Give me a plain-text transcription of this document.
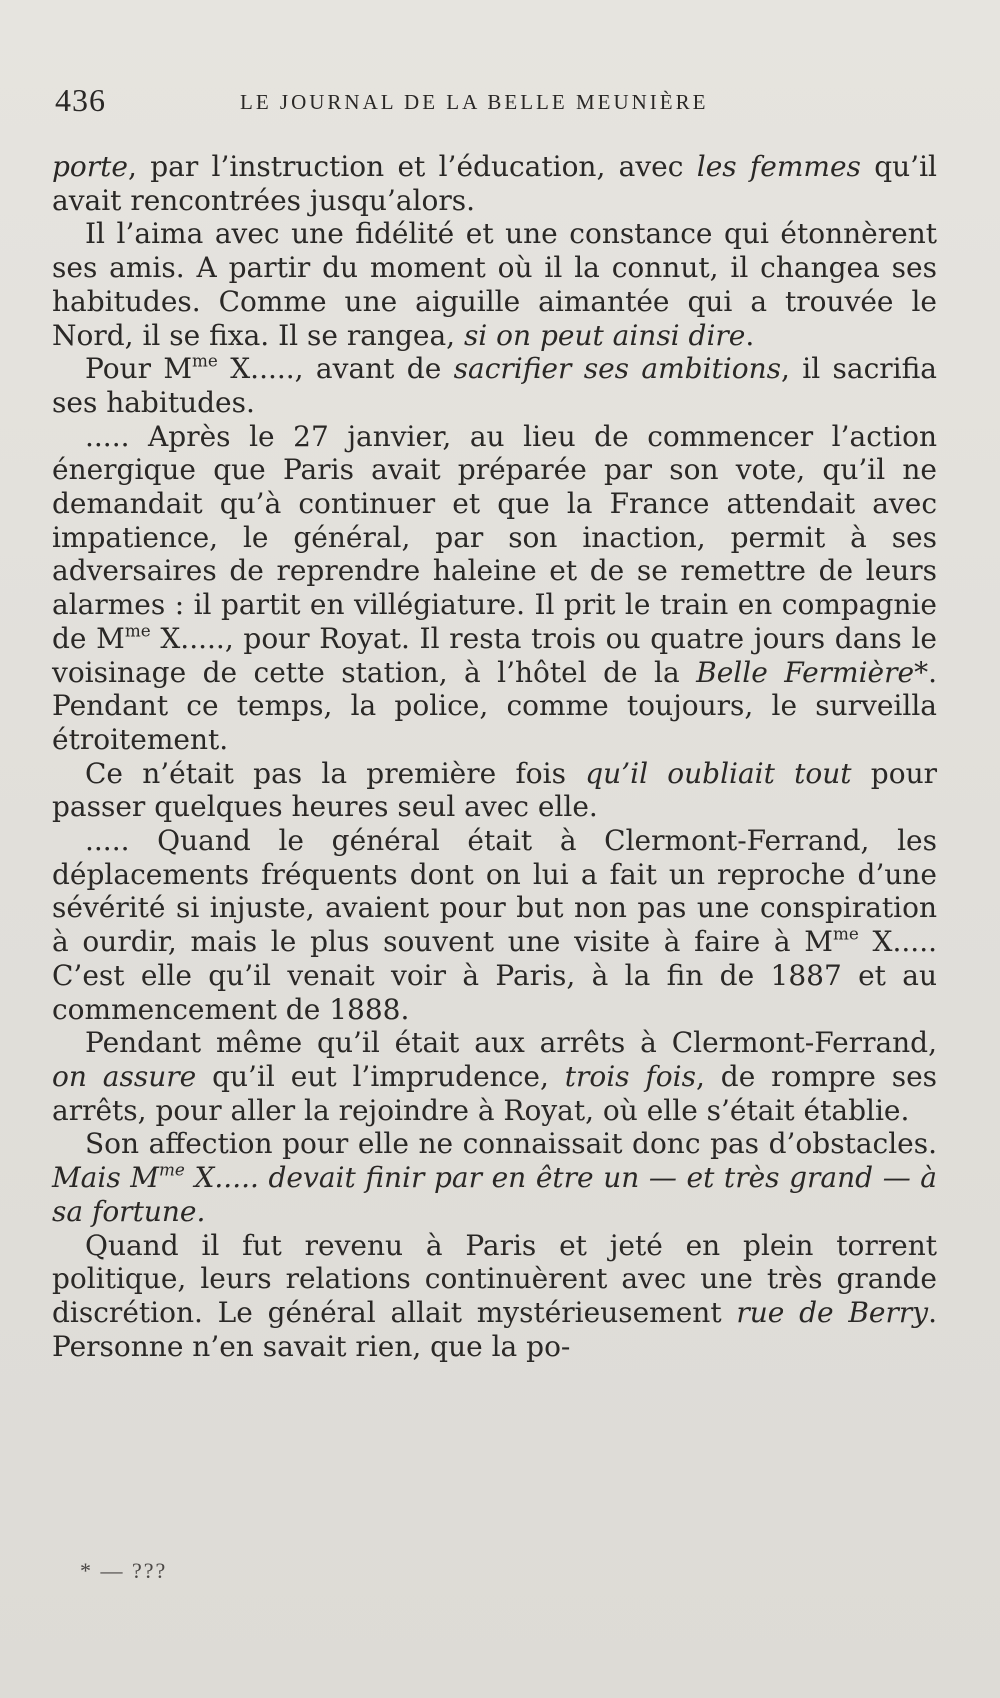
436	LE JOURNAL DE LA BELLE MEUNIÈRE

porte, par l’instruction et l’éducation, avec les femmes qu’il avait rencontrées jusqu’alors.

Il l’aima avec une fidélité et une constance qui étonnèrent ses amis. A partir du moment où il la connut, il changea ses habitudes. Comme une aiguille aimantée qui a trouvée le Nord, il se fixa. Il se rangea, si on peut ainsi dire.

Pour $M^{me}$ X....., avant de sacrifier ses ambitions, il sacrifia ses habitudes.

..... Après le 27 janvier, au lieu de commencer l’action énergique que Paris avait préparée par son vote, qu’il ne demandait qu’à continuer et que la France attendait avec impatience, le général, par son inaction, permit à ses adversaires de reprendre haleine et de se remettre de leurs alarmes : il partit en villégiature. Il prit le train en compagnie de $M^{me}$ X....., pour Royat. Il resta trois ou quatre jours dans le voisinage de cette station, à l’hôtel de la Belle Fermière*. Pendant ce temps, la police, comme toujours, le surveilla étroitement.

Ce n’était pas la première fois qu’il oubliait tout pour passer quelques heures seul avec elle.

..... Quand le général était à Clermont-Ferrand, les déplacements fréquents dont on lui a fait un reproche d’une sévérité si injuste, avaient pour but non pas une conspiration à ourdir, mais le plus souvent une visite à faire à $M^{me}$ X..... C’est elle qu’il venait voir à Paris, à la fin de 1887 et au commencement de 1888.

Pendant même qu’il était aux arrêts à Clermont-Ferrand, on assure qu’il eut l’imprudence, trois fois, de rompre ses arrêts, pour aller la rejoindre à Royat, où elle s’était établie.

Son affection pour elle ne connaissait donc pas d’obstacles. Mais $M^{me}$ X..... devait finir par en être un — et très grand — à sa fortune.

Quand il fut revenu à Paris et jeté en plein torrent politique, leurs relations continuèrent avec une très grande discrétion. Le général allait mystérieusement rue de Berry. Personne n’en savait rien, que la po-

* — ???
